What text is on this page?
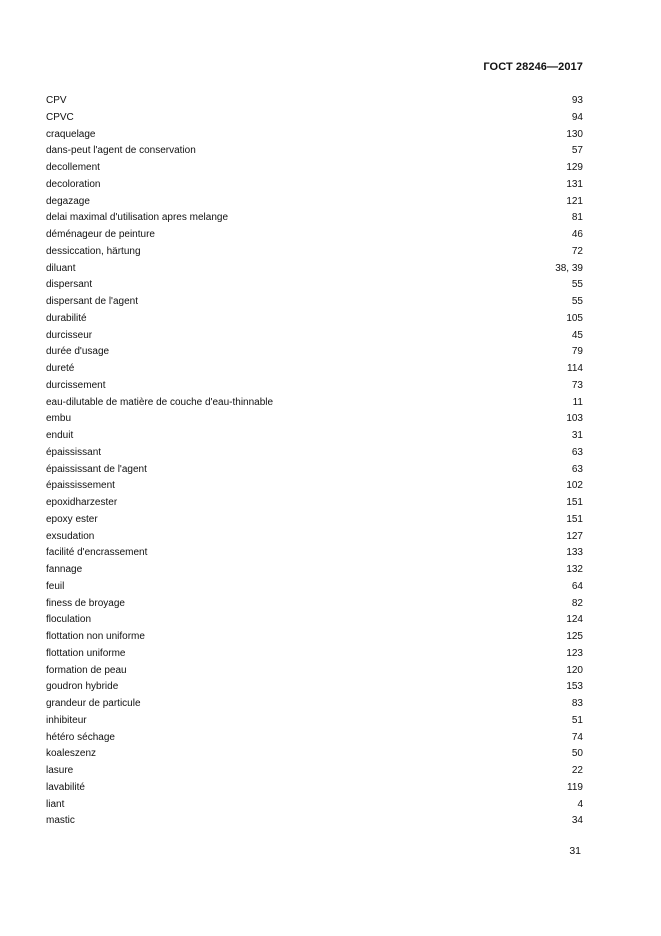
ГОСТ 28246—2017
CPV	93
CPVC	94
craquelage	130
dans-peut l'agent de conservation	57
decollement	129
decoloration	131
degazage	121
delai maximal d'utilisation apres melange	81
déménageur de peinture	46
dessiccation, härtung	72
diluant	38, 39
dispersant	55
dispersant de l'agent	55
durabilité	105
durcisseur	45
durée d'usage	79
dureté	114
durcissement	73
eau-dilutable de matière de couche d'eau-thinnable	11
embu	103
enduit	31
épaississant	63
épaississant de l'agent	63
épaississement	102
epoxidharzester	151
epoxy ester	151
exsudation	127
facilité d'encrassement	133
fannage	132
feuil	64
finess de broyage	82
floculation	124
flottation non uniforme	125
flottation uniforme	123
formation de peau	120
goudron hybride	153
grandeur de particule	83
inhibiteur	51
hétéro séchage	74
koaleszenz	50
lasure	22
lavabilité	119
liant	4
mastic	34
31
